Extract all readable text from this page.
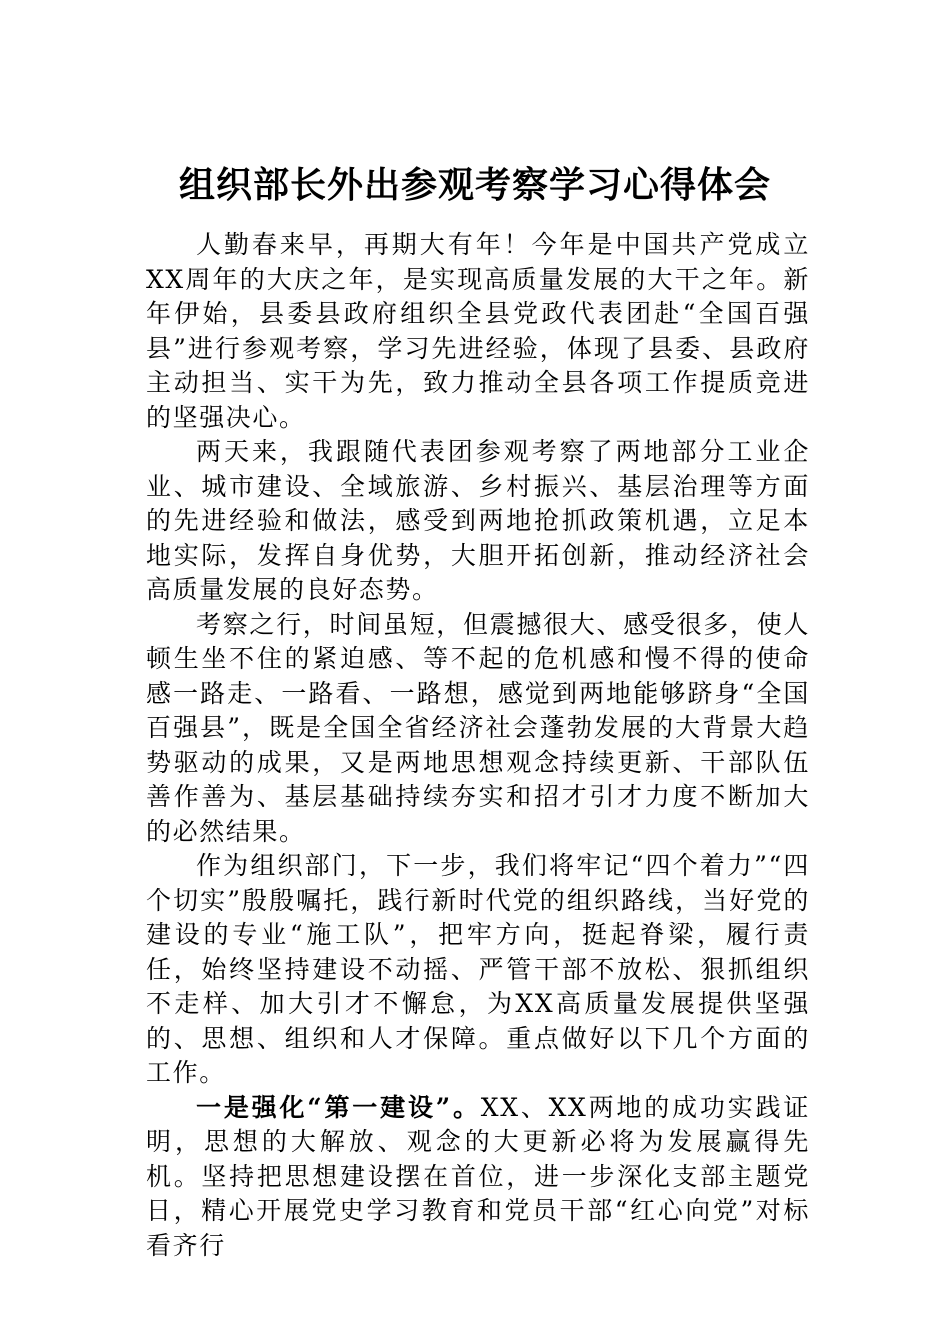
组织部长外出参观考察学习心得体会

人勤春来早，再期大有年！今年是中国共产党成立XX周年的大庆之年，是实现高质量发展的大干之年。新年伊始，县委县政府组织全县党政代表团赴“全国百强县”进行参观考察，学习先进经验，体现了县委、县政府主动担当、实干为先，致力推动全县各项工作提质竞进的坚强决心。

两天来，我跟随代表团参观考察了两地部分工业企业、城市建设、全域旅游、乡村振兴、基层治理等方面的先进经验和做法，感受到两地抢抓政策机遇，立足本地实际，发挥自身优势，大胆开拓创新，推动经济社会高质量发展的良好态势。

考察之行，时间虽短，但震撼很大、感受很多，使人顿生坐不住的紧迫感、等不起的危机感和慢不得的使命感一路走、一路看、一路想，感觉到两地能够跻身“全国百强县”，既是全国全省经济社会蓬勃发展的大背景大趋势驱动的成果，又是两地思想观念持续更新、干部队伍善作善为、基层基础持续夯实和招才引才力度不断加大的必然结果。

作为组织部门，下一步，我们将牢记“四个着力”“四个切实”殷殷嘱托，践行新时代党的组织路线，当好党的建设的专业“施工队”，把牢方向，挺起脊梁，履行责任，始终坚持建设不动摇、严管干部不放松、狠抓组织不走样、加大引才不懈怠，为XX高质量发展提供坚强的、思想、组织和人才保障。重点做好以下几个方面的工作。

一是强化“第一建设”。XX、XX两地的成功实践证明，思想的大解放、观念的大更新必将为发展赢得先机。坚持把思想建设摆在首位，进一步深化支部主题党日，精心开展党史学习教育和党员干部“红心向党”对标看齐行
